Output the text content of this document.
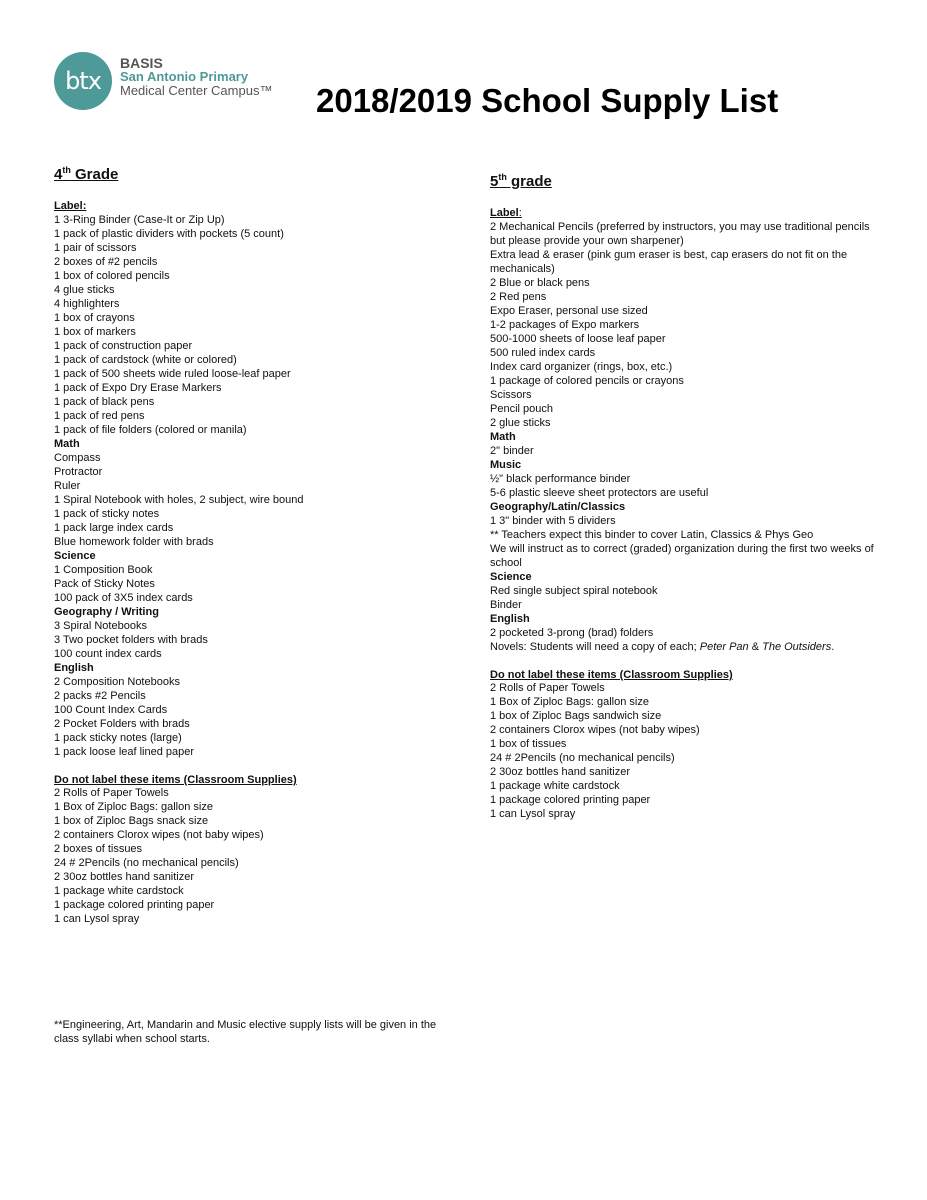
btx
BASIS
San Antonio Primary
Medical Center Campus™ 2018/2019 School Supply List
4th Grade
Label:
1 3-Ring Binder (Case-It or Zip Up)
1 pack of plastic dividers with pockets (5 count)
1 pair of scissors
2 boxes of #2 pencils
1 box of colored pencils
4 glue sticks
4 highlighters
1 box of crayons
1 box of markers
1 pack of construction paper
1 pack of cardstock (white or colored)
1 pack of 500 sheets wide ruled loose-leaf paper
1 pack of Expo Dry Erase Markers
1 pack of black pens
1 pack of red pens
1 pack of file folders (colored or manila)
Math
Compass
Protractor
Ruler
1 Spiral Notebook with holes, 2 subject, wire bound
1 pack of sticky notes
1 pack large index cards
Blue homework folder with brads
Science
1 Composition Book
Pack of Sticky Notes
100 pack of 3X5 index cards
Geography / Writing
3 Spiral Notebooks
3 Two pocket folders with brads
100 count index cards
English
2 Composition Notebooks
2 packs #2 Pencils
100 Count Index Cards
2 Pocket Folders with brads
1 pack sticky notes (large)
1 pack loose leaf lined paper
Do not label these items (Classroom Supplies)
2 Rolls of Paper Towels
1 Box of Ziploc Bags: gallon size
1 box of Ziploc Bags snack size
2 containers Clorox wipes (not baby wipes)
2 boxes of tissues
24 # 2Pencils (no mechanical pencils)
2 30oz bottles hand sanitizer
1 package white cardstock
1 package colored printing paper
1 can Lysol spray
5th grade
Label:
2 Mechanical Pencils (preferred by instructors, you may use traditional pencils but please provide your own sharpener)
Extra lead & eraser (pink gum eraser is best, cap erasers do not fit on the mechanicals)
2 Blue or black pens
2 Red pens
Expo Eraser, personal use sized
1-2 packages of Expo markers
500-1000 sheets of loose leaf paper
500 ruled index cards
Index card organizer (rings, box, etc.)
1 package of colored pencils or crayons
Scissors
Pencil pouch
2 glue sticks
Math
2" binder
Music
½" black performance binder
5-6 plastic sleeve sheet protectors are useful
Geography/Latin/Classics
1 3" binder with 5 dividers
** Teachers expect this binder to cover Latin, Classics & Phys Geo
We will instruct as to correct (graded) organization during the first two weeks of school
Science
Red single subject spiral notebook
Binder
English
2 pocketed 3-prong (brad) folders
Novels: Students will need a copy of each; Peter Pan & The Outsiders.
Do not label these items (Classroom Supplies)
2 Rolls of Paper Towels
1 Box of Ziploc Bags: gallon size
1 box of Ziploc Bags sandwich size
2 containers Clorox wipes (not baby wipes)
1 box of tissues
24 # 2Pencils (no mechanical pencils)
2 30oz bottles hand sanitizer
1 package white cardstock
1 package colored printing paper
1 can Lysol spray
**Engineering, Art, Mandarin and Music elective supply lists will be given in the class syllabi when school starts.
